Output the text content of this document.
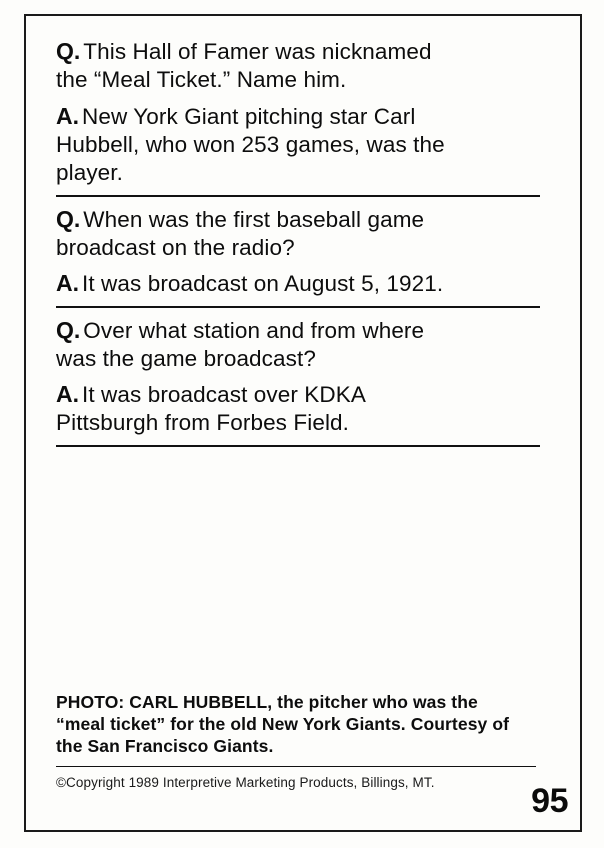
Q. This Hall of Famer was nicknamed

the “Meal Ticket.” Name him.

A. New York Giant pitching star Carl

Hubbell, who won 253 games, was the

player.

Q. When was the first baseball game

broadcast on the radio?

A. It was broadcast on August 5, 1921.

Q. Over what station and from where

was the game broadcast?

A. It was broadcast over KDKA

Pittsburgh from Forbes Field.

PHOTO: CARL HUBBELL, the pitcher who was the “meal ticket” for the old New York Giants. Courtesy of the San Francisco Giants.
©Copyright 1989 Interpretive Marketing Products, Billings, MT.	95
